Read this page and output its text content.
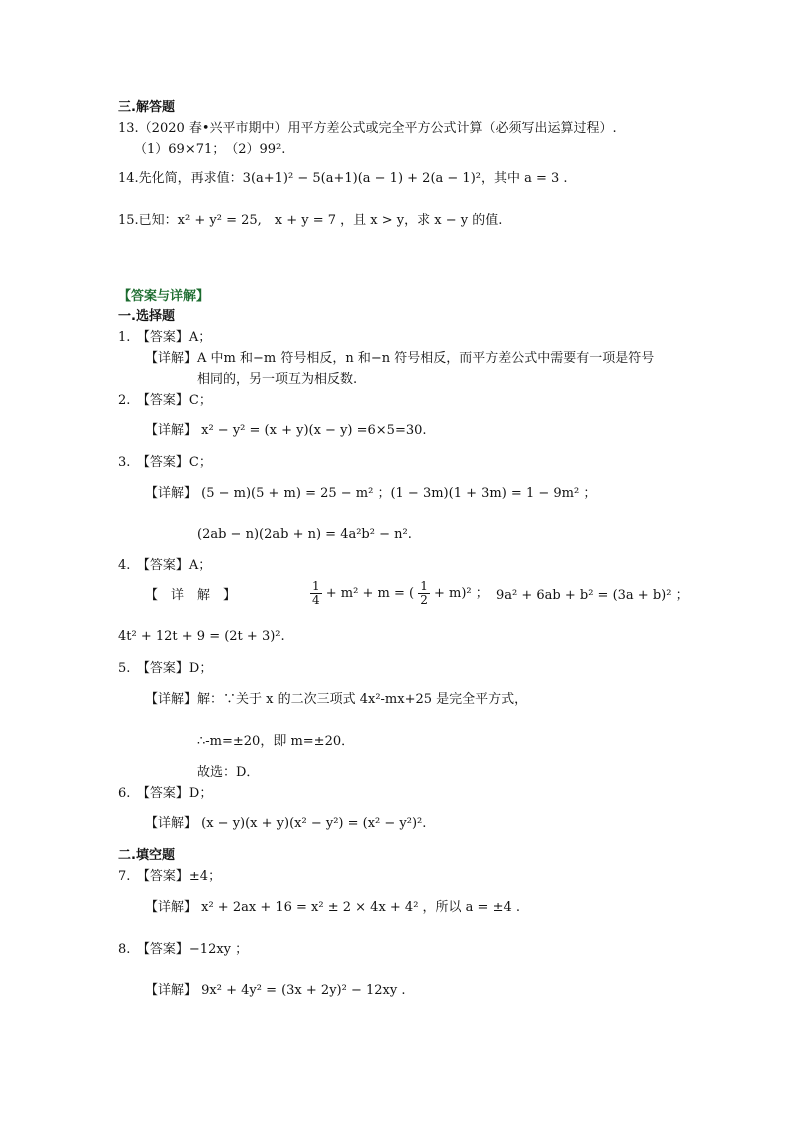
三.解答题
13.（2020 春•兴平市期中）用平方差公式或完全平方公式计算（必须写出运算过程）.
（1）69×71；　（2）99².
14.先化简，再求值：3(a+1)² − 5(a+1)(a − 1) + 2(a − 1)²，其中 a = 3 .
15.已知：x² + y² = 25,　x + y = 7 ，且 x > y，求 x − y 的值.
【答案与详解】
一.选择题
1.　【答案】A；
【详解】A 中m 和−m 符号相反，n 和−n 符号相反，而平方差公式中需要有一项是符号
相同的，另一项互为相反数.
2.　【答案】C；
【详解】 x² − y² = (x + y)(x − y) =6×5=30.
3.　【答案】C；
【详解】 (5 − m)(5 + m) = 25 − m² ；(1 − 3m)(1 + 3m) = 1 − 9m² ；
(2ab − n)(2ab + n) = 4a²b² − n².
4.　【答案】A；
【　详　解　】	$\frac{1}{4} + m^2 + m$ = ( $\frac{1}{2} + m)^2$ ； 9a² + 6ab + b² = (3a + b)² ；
4t² + 12t + 9 = (2t + 3)².
5.　【答案】D；
【详解】解：∵关于 x 的二次三项式 4x²-mx+25 是完全平方式，
∴-m=±20，即 m=±20．
故选：D．
6.　【答案】D；
【详解】 (x − y)(x + y)(x² − y²) = (x² − y²)².
二.填空题
7.　【答案】±4；
【详解】 x² + 2ax + 16 = x² ± 2 × 4x + 4² ，所以 a = ±4 .
8.　【答案】−12xy ；
【详解】 9x² + 4y² = (3x + 2y)² − 12xy .
